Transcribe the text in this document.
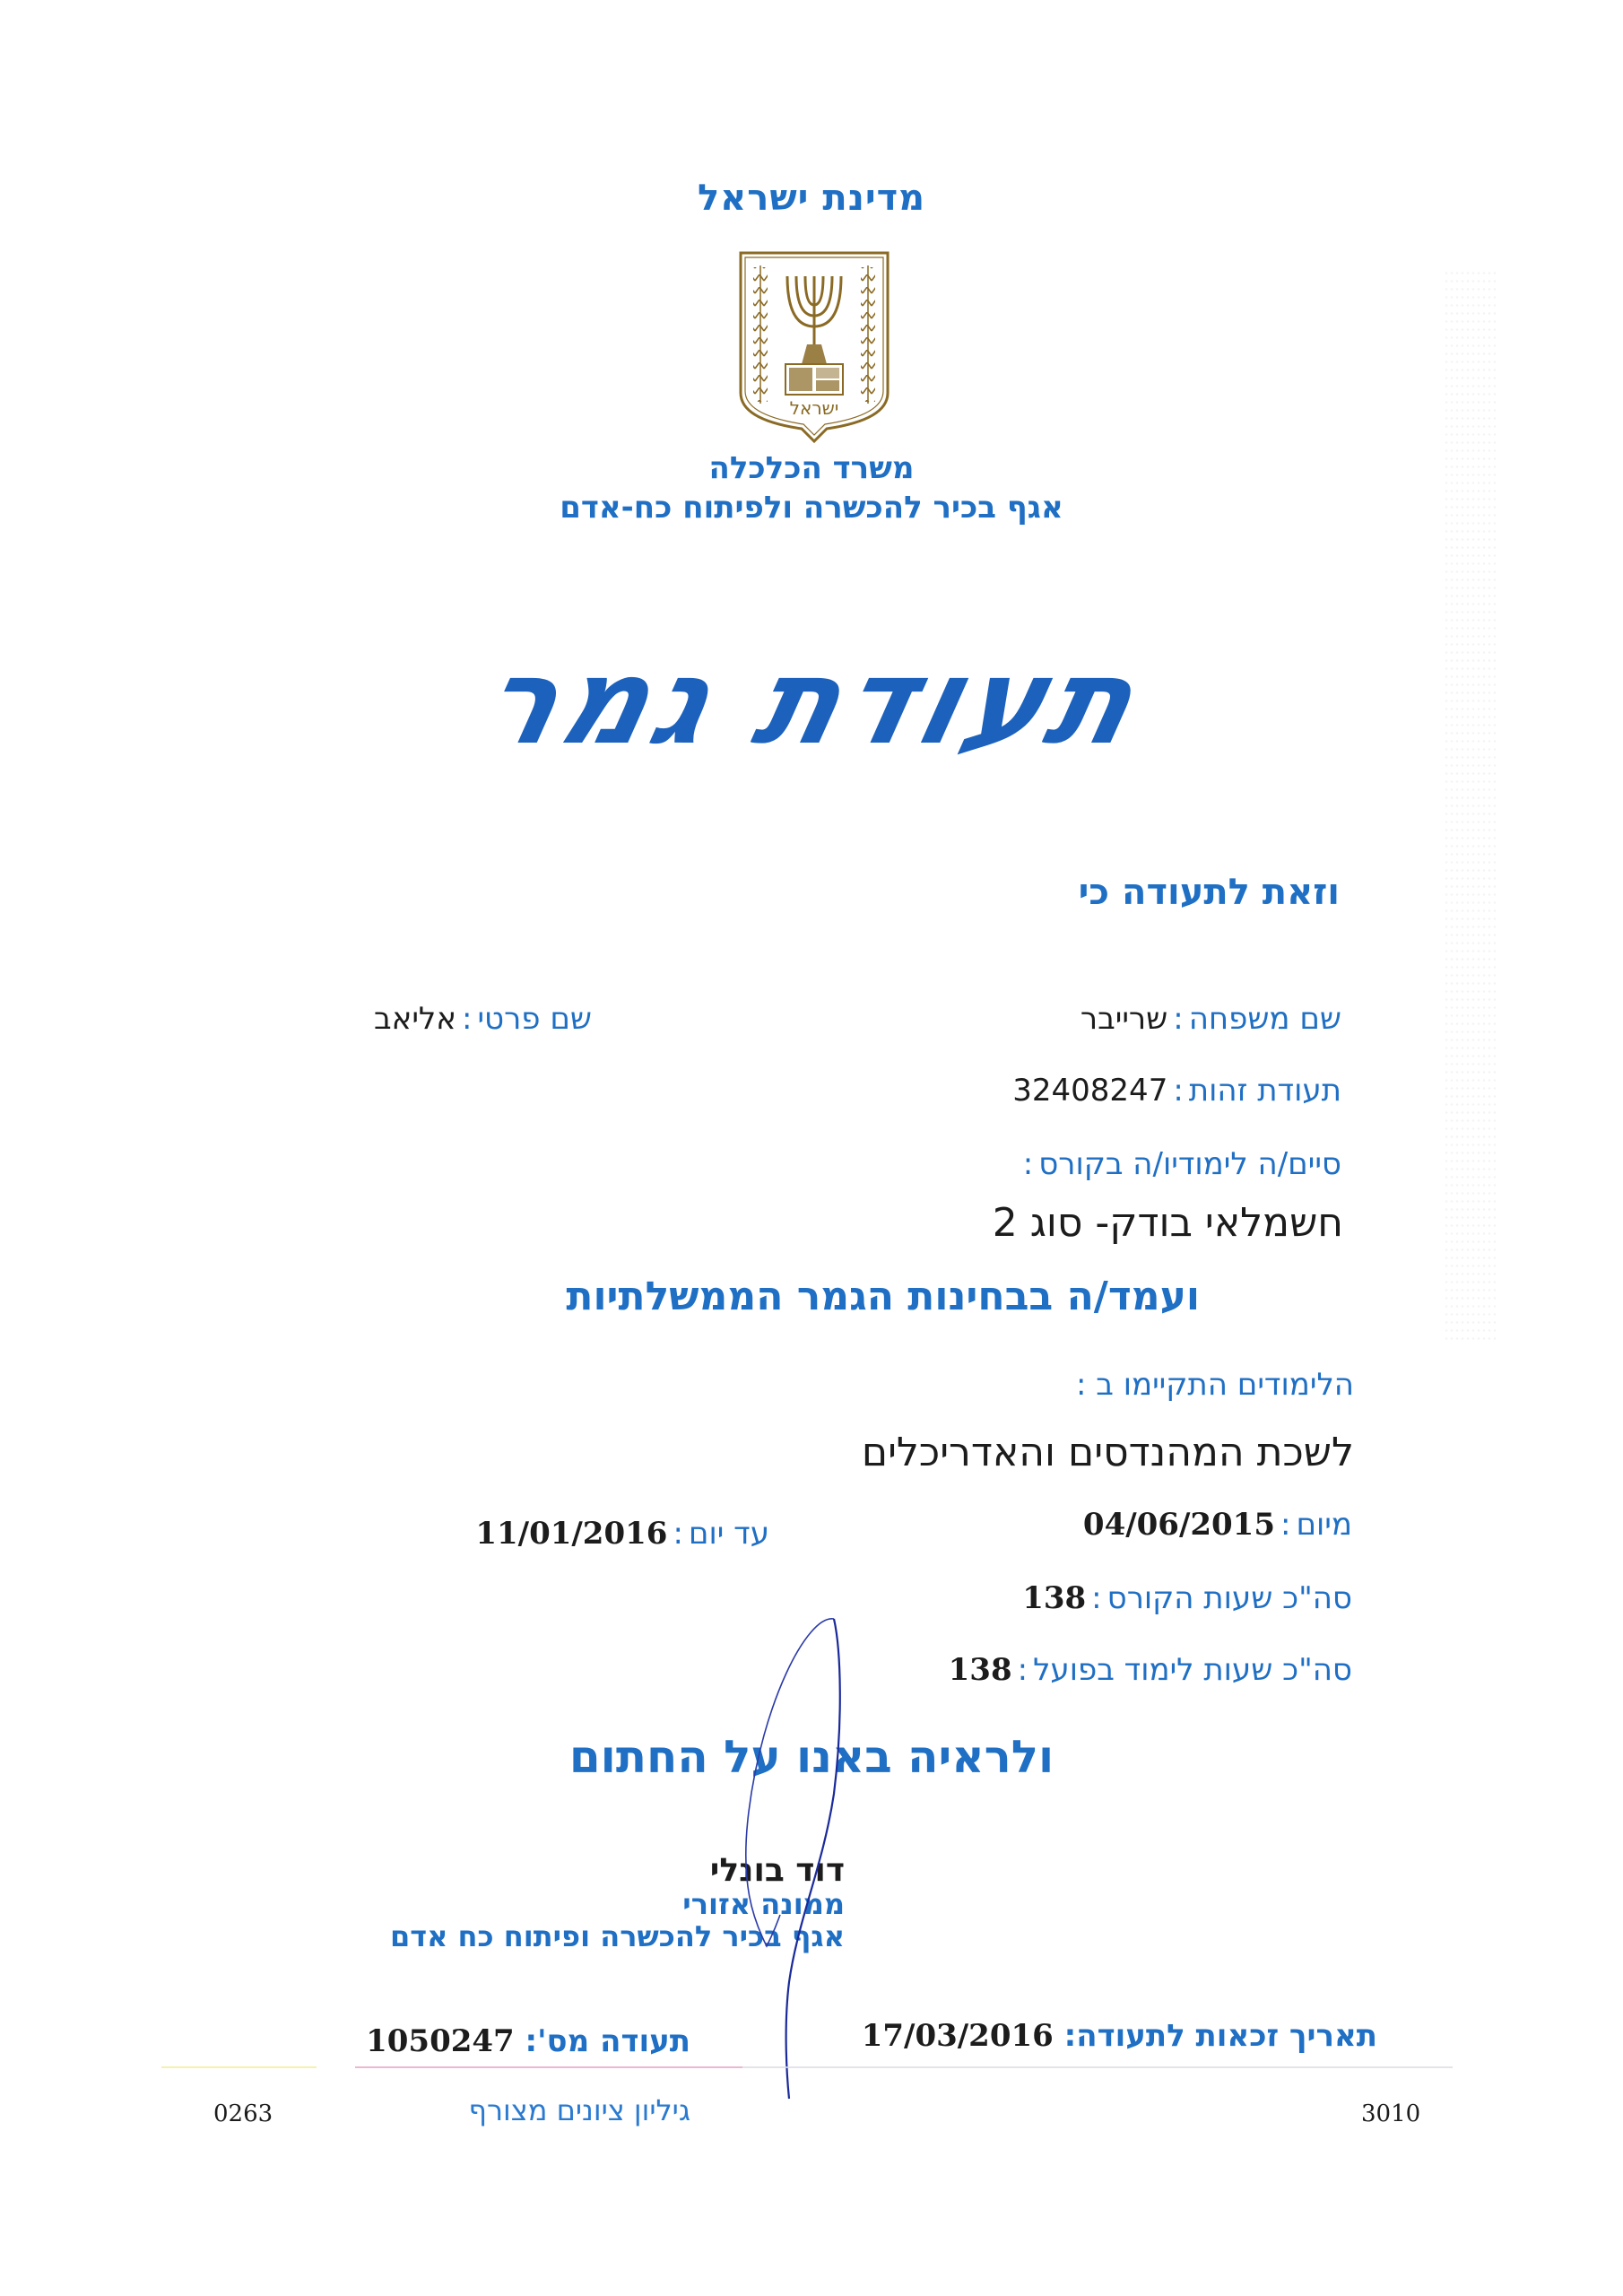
מדינת ישראל
ישראל
משרד הכלכלה
אגף בכיר להכשרה ולפיתוח כח-אדם
תעודת גמר
וזאת לתעודה כי
שם משפחה:שרייבר
שם פרטי:אליאב
תעודת זהות:32408247
סיים/ה לימודיו/ה בקורס:
חשמלאי בודק- סוג 2
ועמד/ה בבחינות הגמר הממשלתיות
הלימודים התקיימו ב :
לשכת המהנדסים והאדריכלים
מיום:04/06/2015
עד יום:11/01/2016
סה"כ שעות הקורס:138
סה"כ שעות לימוד בפועל:138
ולראיה באנו על החתום
דוד בונלי
ממונה אזורי
אגף בכיר להכשרה ופיתוח כח אדם
תאריך זכאות לתעודה: 17/03/2016
תעודה מס': 1050247
גיליון ציונים מצורף
0263	3010
